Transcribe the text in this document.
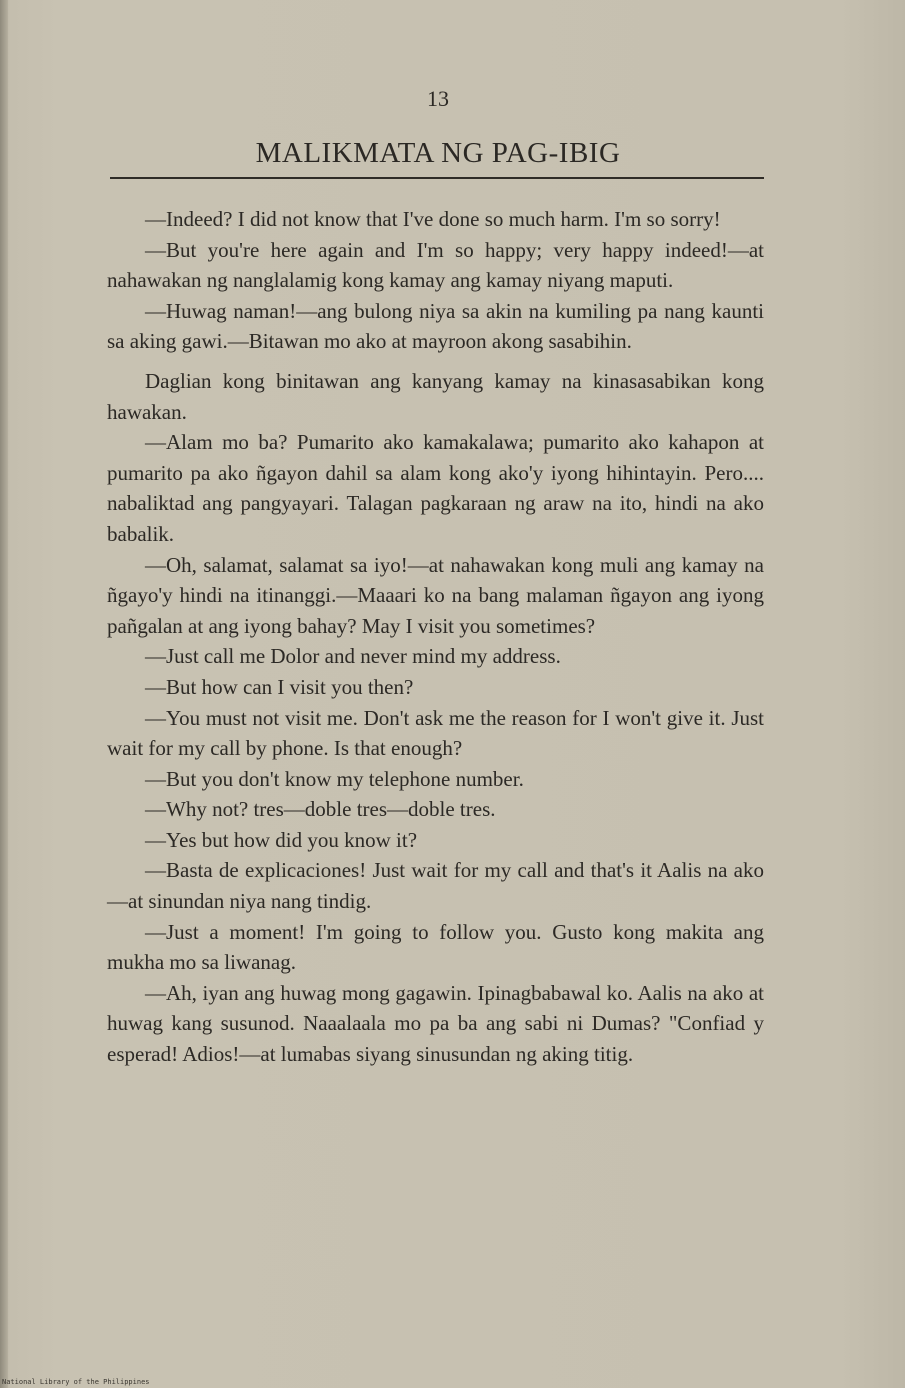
13
MALIKMATA NG PAG-IBIG

—Indeed? I did not know that I've done so much harm. I'm so sorry!

—But you're here again and I'm so happy; very happy indeed!—at nahawakan ng nanglalamig kong kamay ang kamay niyang maputi.

—Huwag naman!—ang bulong niya sa akin na kumiling pa nang kaunti sa aking gawi.—Bitawan mo ako at mayroon akong sasabihin.

Daglian kong binitawan ang kanyang kamay na kinasasabikan kong hawakan.

—Alam mo ba? Pumarito ako kamakalawa; pumarito ako kahapon at pumarito pa ako ñgayon dahil sa alam kong ako'y iyong hihintayin. Pero.... nabaliktad ang pangyayari. Talagan pagkaraan ng araw na ito, hindi na ako babalik.

—Oh, salamat, salamat sa iyo!—at nahawakan kong muli ang kamay na ñgayo'y hindi na itinanggi.—Maaari ko na bang malaman ñgayon ang iyong pañgalan at ang iyong bahay? May I visit you sometimes?

—Just call me Dolor and never mind my address.

—But how can I visit you then?

—You must not visit me. Don't ask me the reason for I won't give it. Just wait for my call by phone. Is that enough?

—But you don't know my telephone number.

—Why not? tres—doble tres—doble tres.

—Yes but how did you know it?

—Basta de explicaciones! Just wait for my call and that's it Aalis na ako—at sinundan niya nang tindig.

—Just a moment! I'm going to follow you. Gusto kong makita ang mukha mo sa liwanag.

—Ah, iyan ang huwag mong gagawin. Ipinagbabawal ko. Aalis na ako at huwag kang susunod. Naaalaala mo pa ba ang sabi ni Dumas? "Confiad y esperad! Adios!—at lumabas siyang sinusundan ng aking titig.

National Library of the Philippines
